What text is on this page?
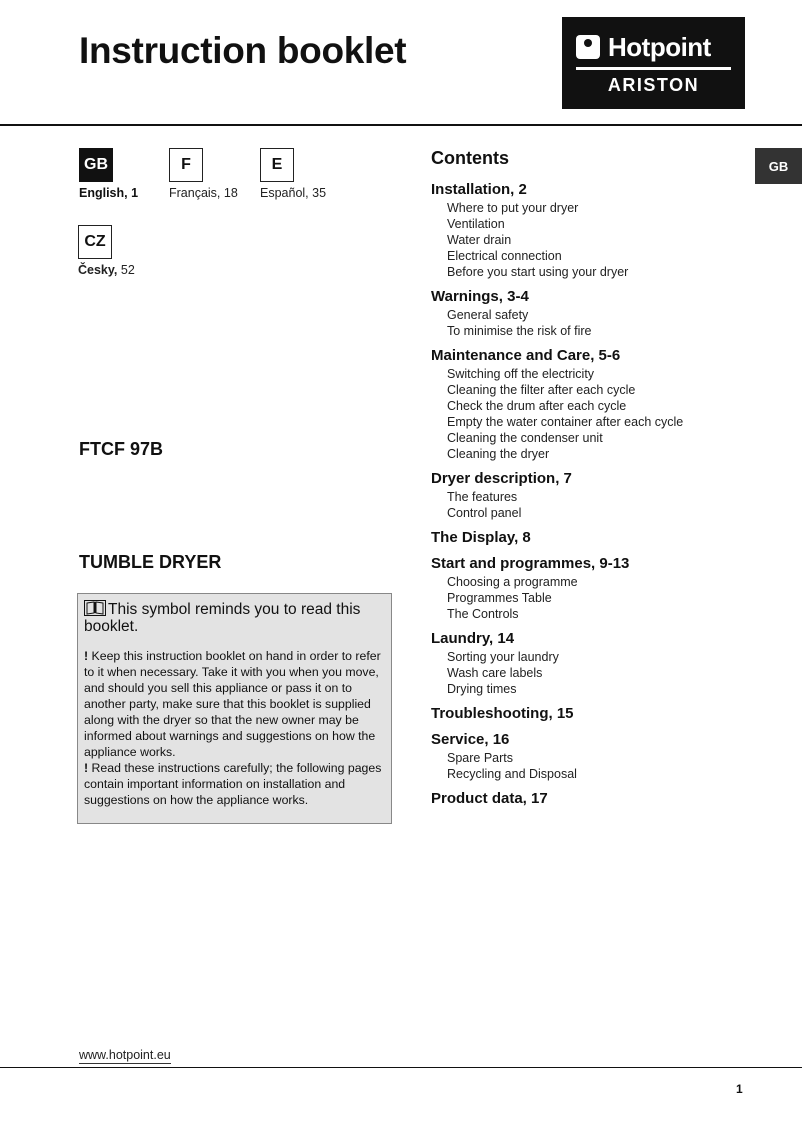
Instruction booklet	Hotpoint
ARISTON
GB
GB
English, 1
F
Français, 18
E
Español, 35
CZ
Česky, 52
FTCF 97B
TUMBLE DRYER
This symbol reminds you to read this booklet.
! Keep this instruction booklet on hand in order to refer to it when necessary. Take it with you when you move, and should you sell this appliance or pass it on to another party, make sure that this booklet is supplied along with the dryer so that the new owner may be informed about warnings and suggestions on how the appliance works.
! Read these instructions carefully; the following pages contain important information on installation and suggestions on how the appliance works.
Contents
Installation, 2
Where to put your dryer
Ventilation
Water drain
Electrical connection
Before you start using your dryer
Warnings, 3-4
General safety
To minimise the risk of fire
Maintenance and Care, 5-6
Switching off the electricity
Cleaning the filter after each cycle
Check the drum after each cycle
Empty the water container after each cycle
Cleaning the condenser unit
Cleaning the dryer
Dryer description, 7
The features
Control panel
The Display, 8
Start and programmes, 9-13
Choosing a programme
Programmes Table
The Controls
Laundry, 14
Sorting your laundry
Wash care labels
Drying times
Troubleshooting, 15
Service, 16
Spare Parts
Recycling and Disposal
Product data, 17
www.hotpoint.eu
1
